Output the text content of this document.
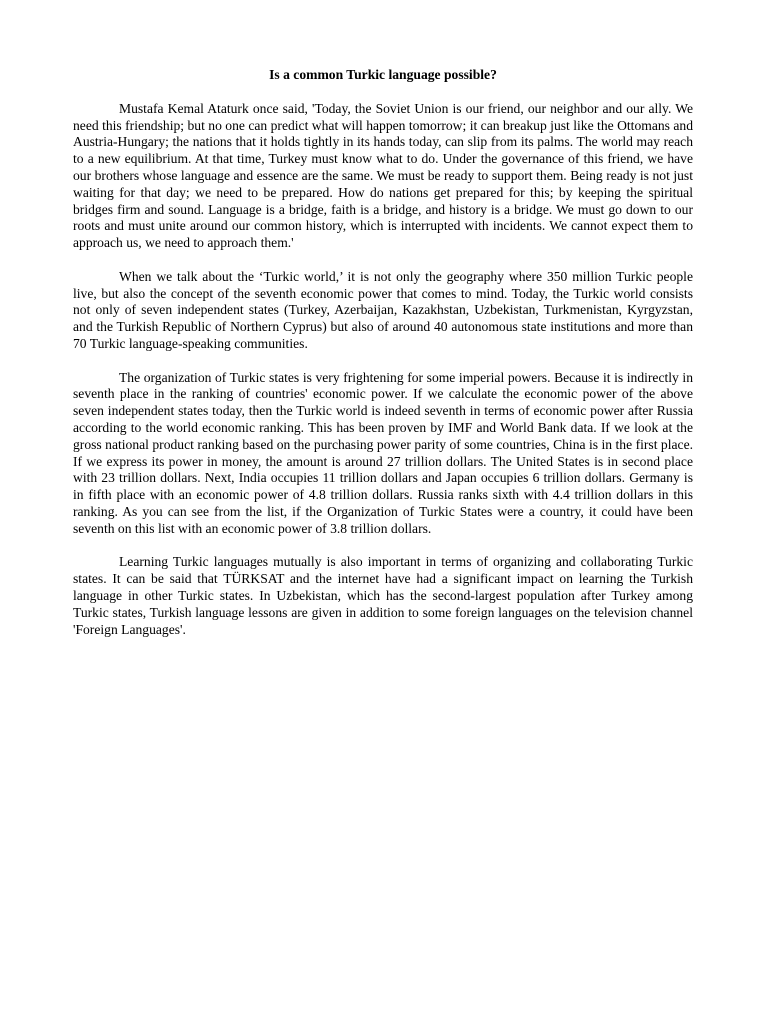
Is a common Turkic language possible?

Mustafa Kemal Ataturk once said, 'Today, the Soviet Union is our friend, our neighbor and our ally. We need this friendship; but no one can predict what will happen tomorrow; it can breakup just like the Ottomans and Austria-Hungary; the nations that it holds tightly in its hands today, can slip from its palms. The world may reach to a new equilibrium. At that time, Turkey must know what to do. Under the governance of this friend, we have our brothers whose language and essence are the same. We must be ready to support them. Being ready is not just waiting for that day; we need to be prepared. How do nations get prepared for this; by keeping the spiritual bridges firm and sound. Language is a bridge, faith is a bridge, and history is a bridge. We must go down to our roots and must unite around our common history, which is interrupted with incidents. We cannot expect them to approach us, we need to approach them.'

When we talk about the ‘Turkic world,’ it is not only the geography where 350 million Turkic people live, but also the concept of the seventh economic power that comes to mind. Today, the Turkic world consists not only of seven independent states (Turkey, Azerbaijan, Kazakhstan, Uzbekistan, Turkmenistan, Kyrgyzstan, and the Turkish Republic of Northern Cyprus) but also of around 40 autonomous state institutions and more than 70 Turkic language-speaking communities.

The organization of Turkic states is very frightening for some imperial powers. Because it is indirectly in seventh place in the ranking of countries' economic power. If we calculate the economic power of the above seven independent states today, then the Turkic world is indeed seventh in terms of economic power after Russia according to the world economic ranking. This has been proven by IMF and World Bank data. If we look at the gross national product ranking based on the purchasing power parity of some countries, China is in the first place. If we express its power in money, the amount is around 27 trillion dollars. The United States is in second place with 23 trillion dollars. Next, India occupies 11 trillion dollars and Japan occupies 6 trillion dollars. Germany is in fifth place with an economic power of 4.8 trillion dollars. Russia ranks sixth with 4.4 trillion dollars in this ranking. As you can see from the list, if the Organization of Turkic States were a country, it could have been seventh on this list with an economic power of 3.8 trillion dollars.

Learning Turkic languages mutually is also important in terms of organizing and collaborating Turkic states. It can be said that TÜRKSAT and the internet have had a significant impact on learning the Turkish language in other Turkic states. In Uzbekistan, which has the second-largest population after Turkey among Turkic states, Turkish language lessons are given in addition to some foreign languages on the television channel 'Foreign Languages'.
